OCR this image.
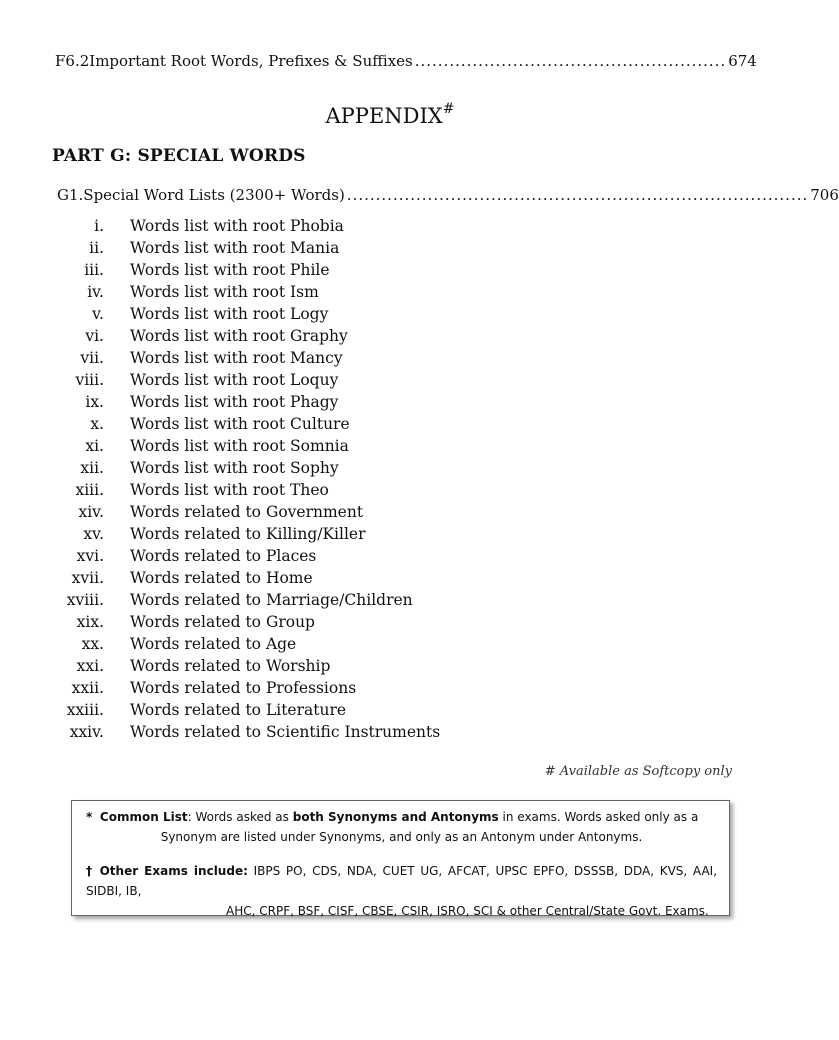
F6.2 Important Root Words, Prefixes & Suffixes ...................................................... 674
APPENDIX#
PART G: SPECIAL WORDS
G1. Special Word Lists (2300+ Words) ................................................................................ 706
i. Words list with root Phobia
ii. Words list with root Mania
iii. Words list with root Phile
iv. Words list with root Ism
v. Words list with root Logy
vi. Words list with root Graphy
vii. Words list with root Mancy
viii. Words list with root Loquy
ix. Words list with root Phagy
x. Words list with root Culture
xi. Words list with root Somnia
xii. Words list with root Sophy
xiii. Words list with root Theo
xiv. Words related to Government
xv. Words related to Killing/Killer
xvi. Words related to Places
xvii. Words related to Home
xviii. Words related to Marriage/Children
xix. Words related to Group
xx. Words related to Age
xxi. Words related to Worship
xxii. Words related to Professions
xxiii. Words related to Literature
xxiv. Words related to Scientific Instruments
# Available as Softcopy only
* Common List: Words asked as both Synonyms and Antonyms in exams. Words asked only as a
Synonym are listed under Synonyms, and only as an Antonym under Antonyms.
† Other Exams include: IBPS PO, CDS, NDA, CUET UG, AFCAT, UPSC EPFO, DSSSB, DDA, KVS, AAI, SIDBI, IB,
AHC, CRPF, BSF, CISF, CBSE, CSIR, ISRO, SCI & other Central/State Govt. Exams.
